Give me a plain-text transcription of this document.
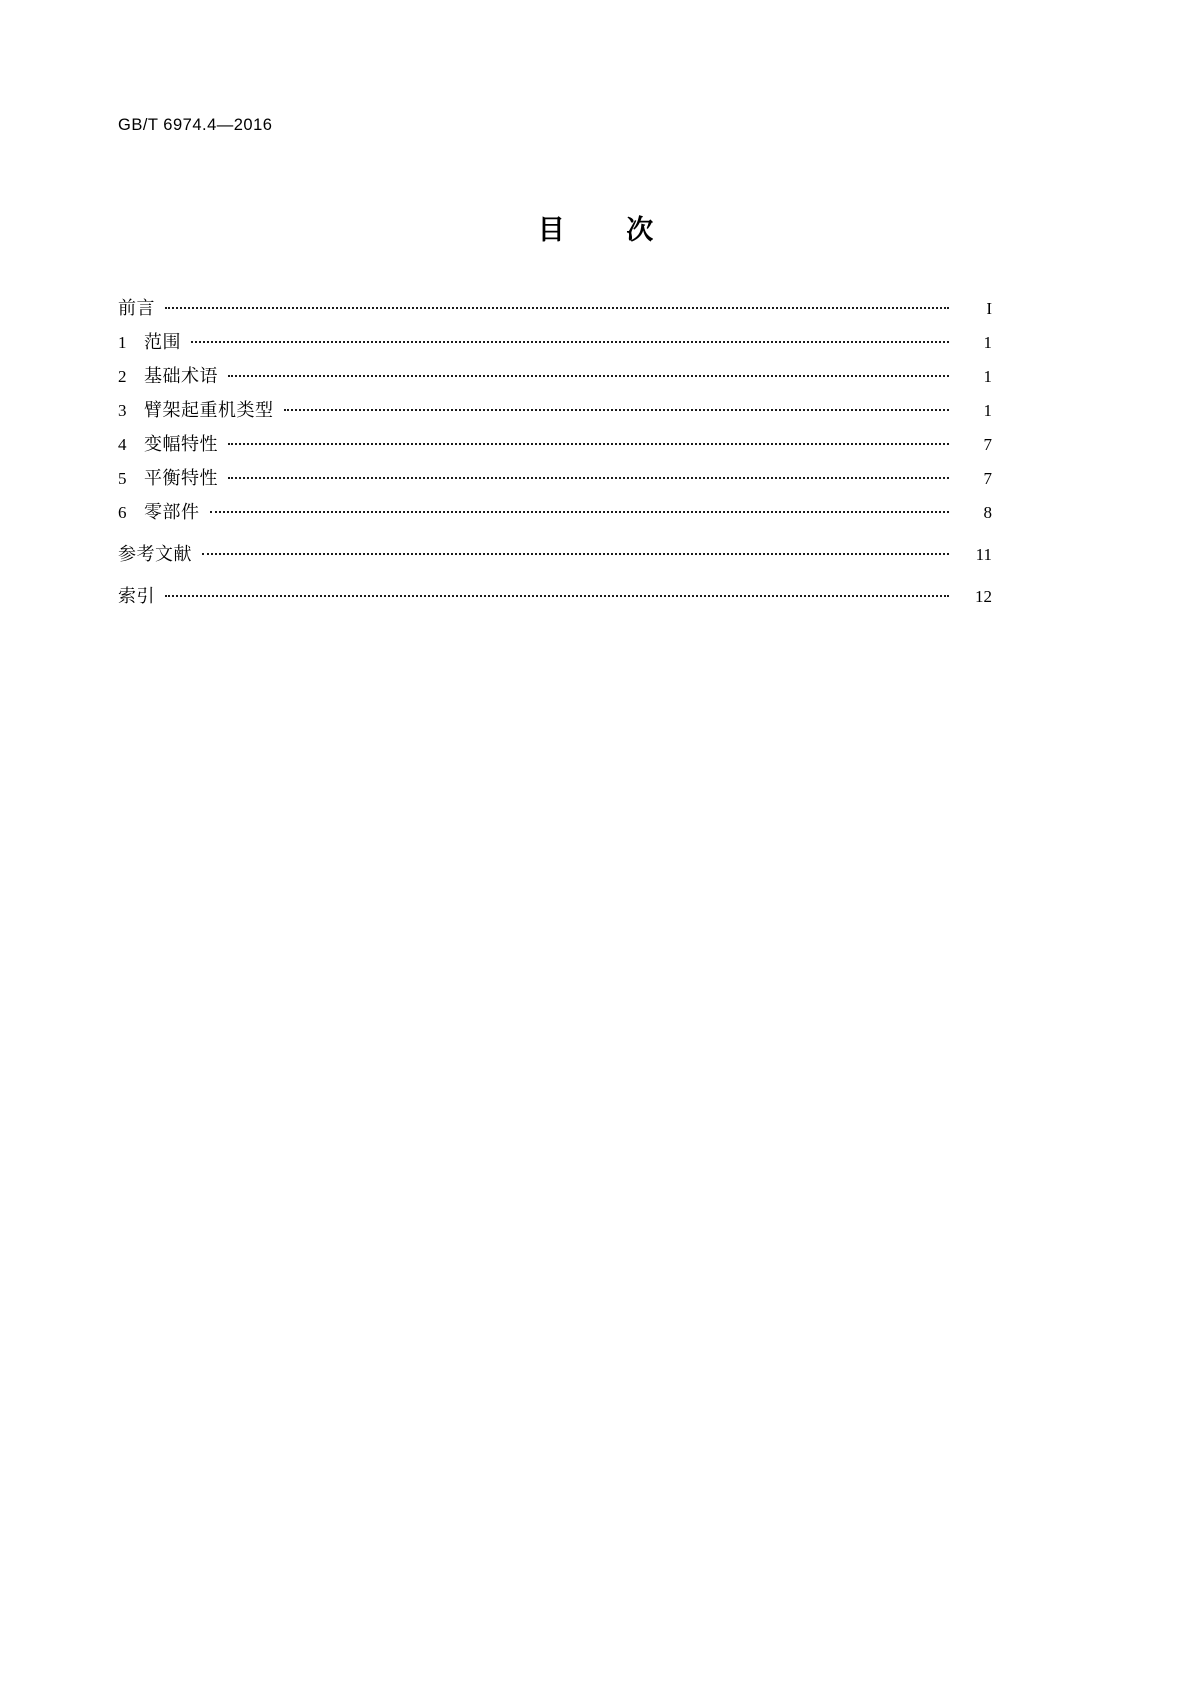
GB/T 6974.4—2016
目 次
前言	I
1 范围	1
2 基础术语	1
3 臂架起重机类型	1
4 变幅特性	7
5 平衡特性	7
6 零部件	8
参考文献	11
索引	12
